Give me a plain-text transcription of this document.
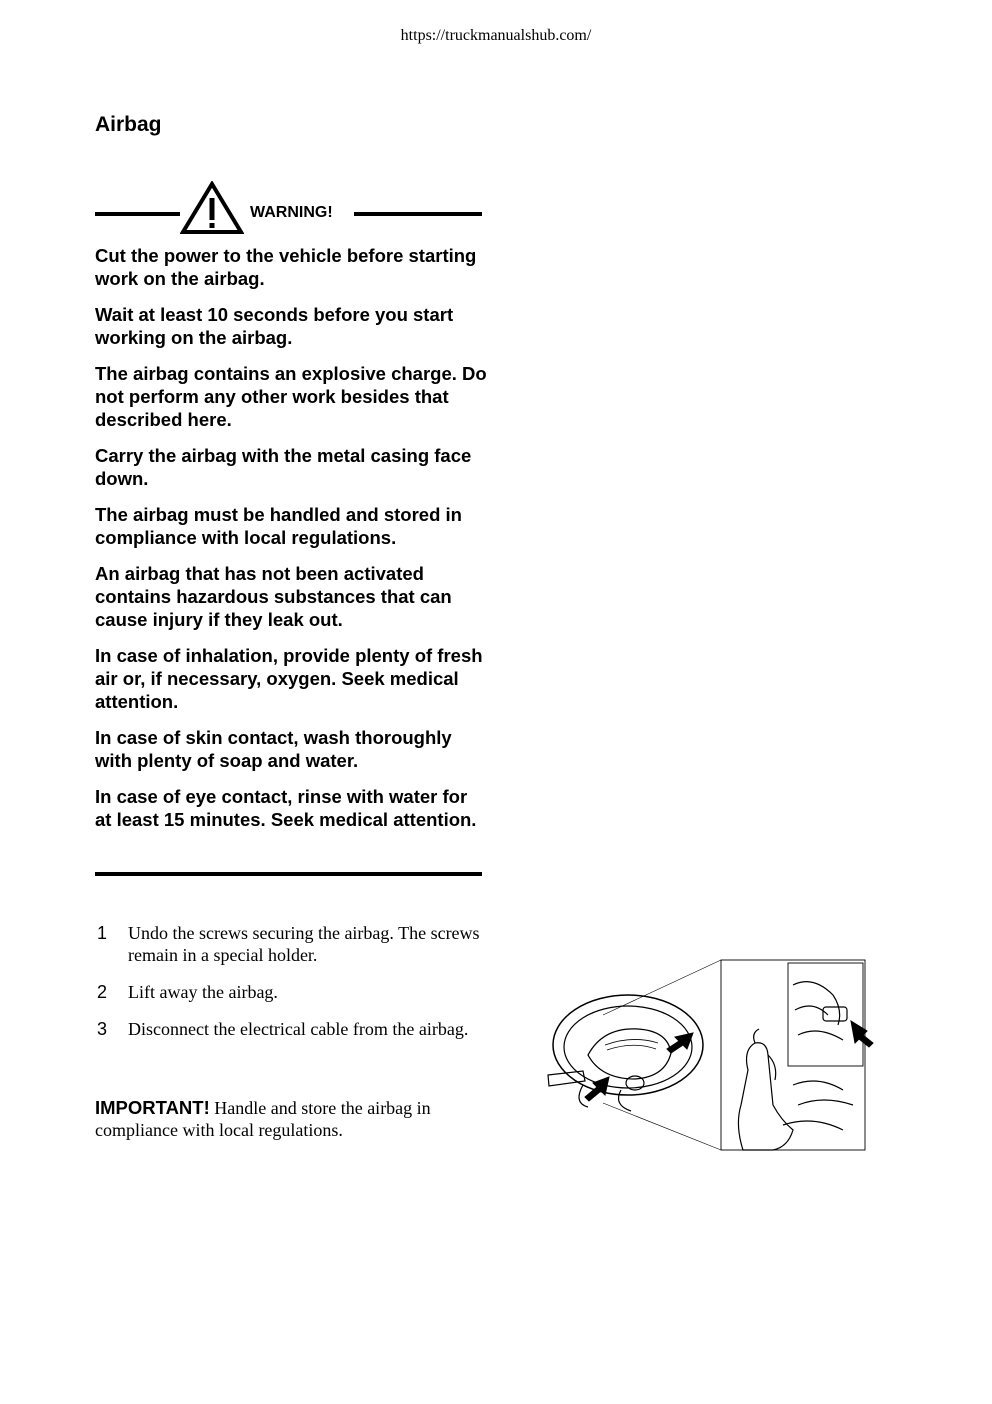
https://truckmanualshub.com/
Airbag
WARNING!

Cut the power to the vehicle before starting work on the airbag.

Wait at least 10 seconds before you start working on the airbag.

The airbag contains an explosive charge. Do not perform any other work besides that described here.

Carry the airbag with the metal casing face down.

The airbag must be handled and stored in compliance with local regulations.

An airbag that has not been activated contains hazardous substances that can cause injury if they leak out.

In case of inhalation, provide plenty of fresh air or, if necessary, oxygen. Seek medical attention.

In case of skin contact, wash thoroughly with plenty of soap and water.

In case of eye contact, rinse with water for at least 15 minutes. Seek medical attention.

1 Undo the screws securing the airbag. The screws remain in a special holder.
2 Lift away the airbag.
3 Disconnect the electrical cable from the airbag.
IMPORTANT! Handle and store the airbag in compliance with local regulations.
